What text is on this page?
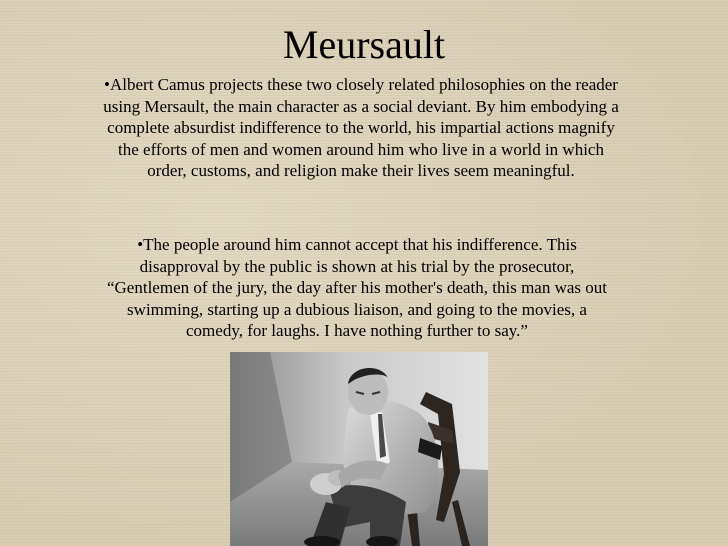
Meursault

•Albert Camus projects these two closely related philosophies on the reader using Mersault, the main character as a social deviant. By him embodying a complete absurdist indifference to the world, his impartial actions magnify the efforts of men and women around him who live in a world in which order, customs, and religion make their lives seem meaningful.

•The people around him cannot accept that his indifference. This disapproval by the public is shown at his trial by the prosecutor, “Gentlemen of the jury, the day after his mother's death, this man was out swimming, starting up a dubious liaison, and going to the movies, a comedy, for laughs. I have nothing further to say.”
